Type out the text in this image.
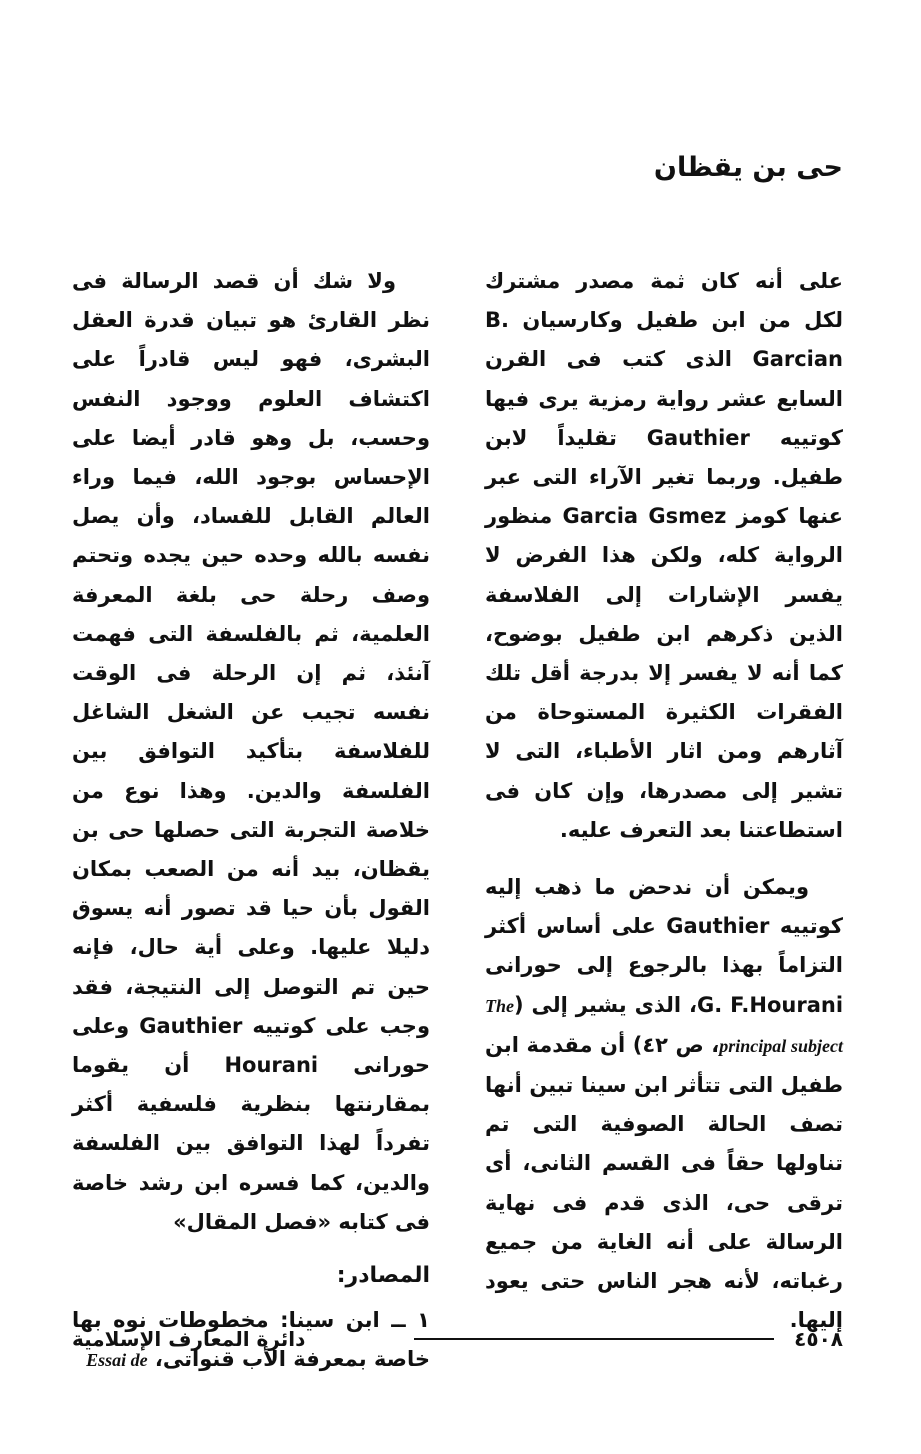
حى بن يقظان

على أنه كان ثمة مصدر مشترك لكل من ابن طفيل وكارسيان B. Garcian الذى كتب فى القرن السابع عشر رواية رمزية يرى فيها كوتييه Gauthier تقليداً لابن طفيل. وربما تغير الآراء التى عبر عنها كومز Garcia Gsmez منظور الرواية كله، ولكن هذا الفرض لا يفسر الإشارات إلى الفلاسفة الذين ذكرهم ابن طفيل بوضوح، كما أنه لا يفسر إلا بدرجة أقل تلك الفقرات الكثيرة المستوحاة من آثارهم ومن اثار الأطباء، التى لا تشير إلى مصدرها، وإن كان فى استطاعتنا بعد التعرف عليه.

ويمكن أن ندحض ما ذهب إليه كوتييه Gauthier على أساس أكثر التزاماً بهذا بالرجوع إلى حورانى G. F.Hourani، الذى يشير إلى (The principal subject، ص ٤٢) أن مقدمة ابن طفيل التى تتأثر ابن سينا تبين أنها تصف الحالة الصوفية التى تم تناولها حقاً فى القسم الثانى، أى ترقى حى، الذى قدم فى نهاية الرسالة على أنه الغاية من جميع رغباته، لأنه هجر الناس حتى يعود إليها.

ولا شك أن قصد الرسالة فى نظر القارئ هو تبيان قدرة العقل البشرى، فهو ليس قادراً على اكتشاف العلوم ووجود النفس وحسب، بل وهو قادر أيضا على الإحساس بوجود الله، فيما وراء العالم القابل للفساد، وأن يصل نفسه بالله وحده حين يجده وتحتم وصف رحلة حى بلغة المعرفة العلمية، ثم بالفلسفة التى فهمت آنئذ، ثم إن الرحلة فى الوقت نفسه تجيب عن الشغل الشاغل للفلاسفة بتأكيد التوافق بين الفلسفة والدين. وهذا نوع من خلاصة التجربة التى حصلها حى بن يقظان، بيد أنه من الصعب بمكان القول بأن حيا قد تصور أنه يسوق دليلا عليها. وعلى أية حال، فإنه حين تم التوصل إلى النتيجة، فقد وجب على كوتييه Gauthier وعلى حورانى Hourani أن يقوما بمقارنتها بنظرية فلسفية أكثر تفرداً لهذا التوافق بين الفلسفة والدين، كما فسره ابن رشد خاصة فى كتابه «فصل المقال»

المصادر:

١ ــ ابن سينا: مخطوطات نوه بها خاصة بمعرفة الأب قنواتى، Essai de

٤٥٠٨
دائرة المعارف الإسلامية
